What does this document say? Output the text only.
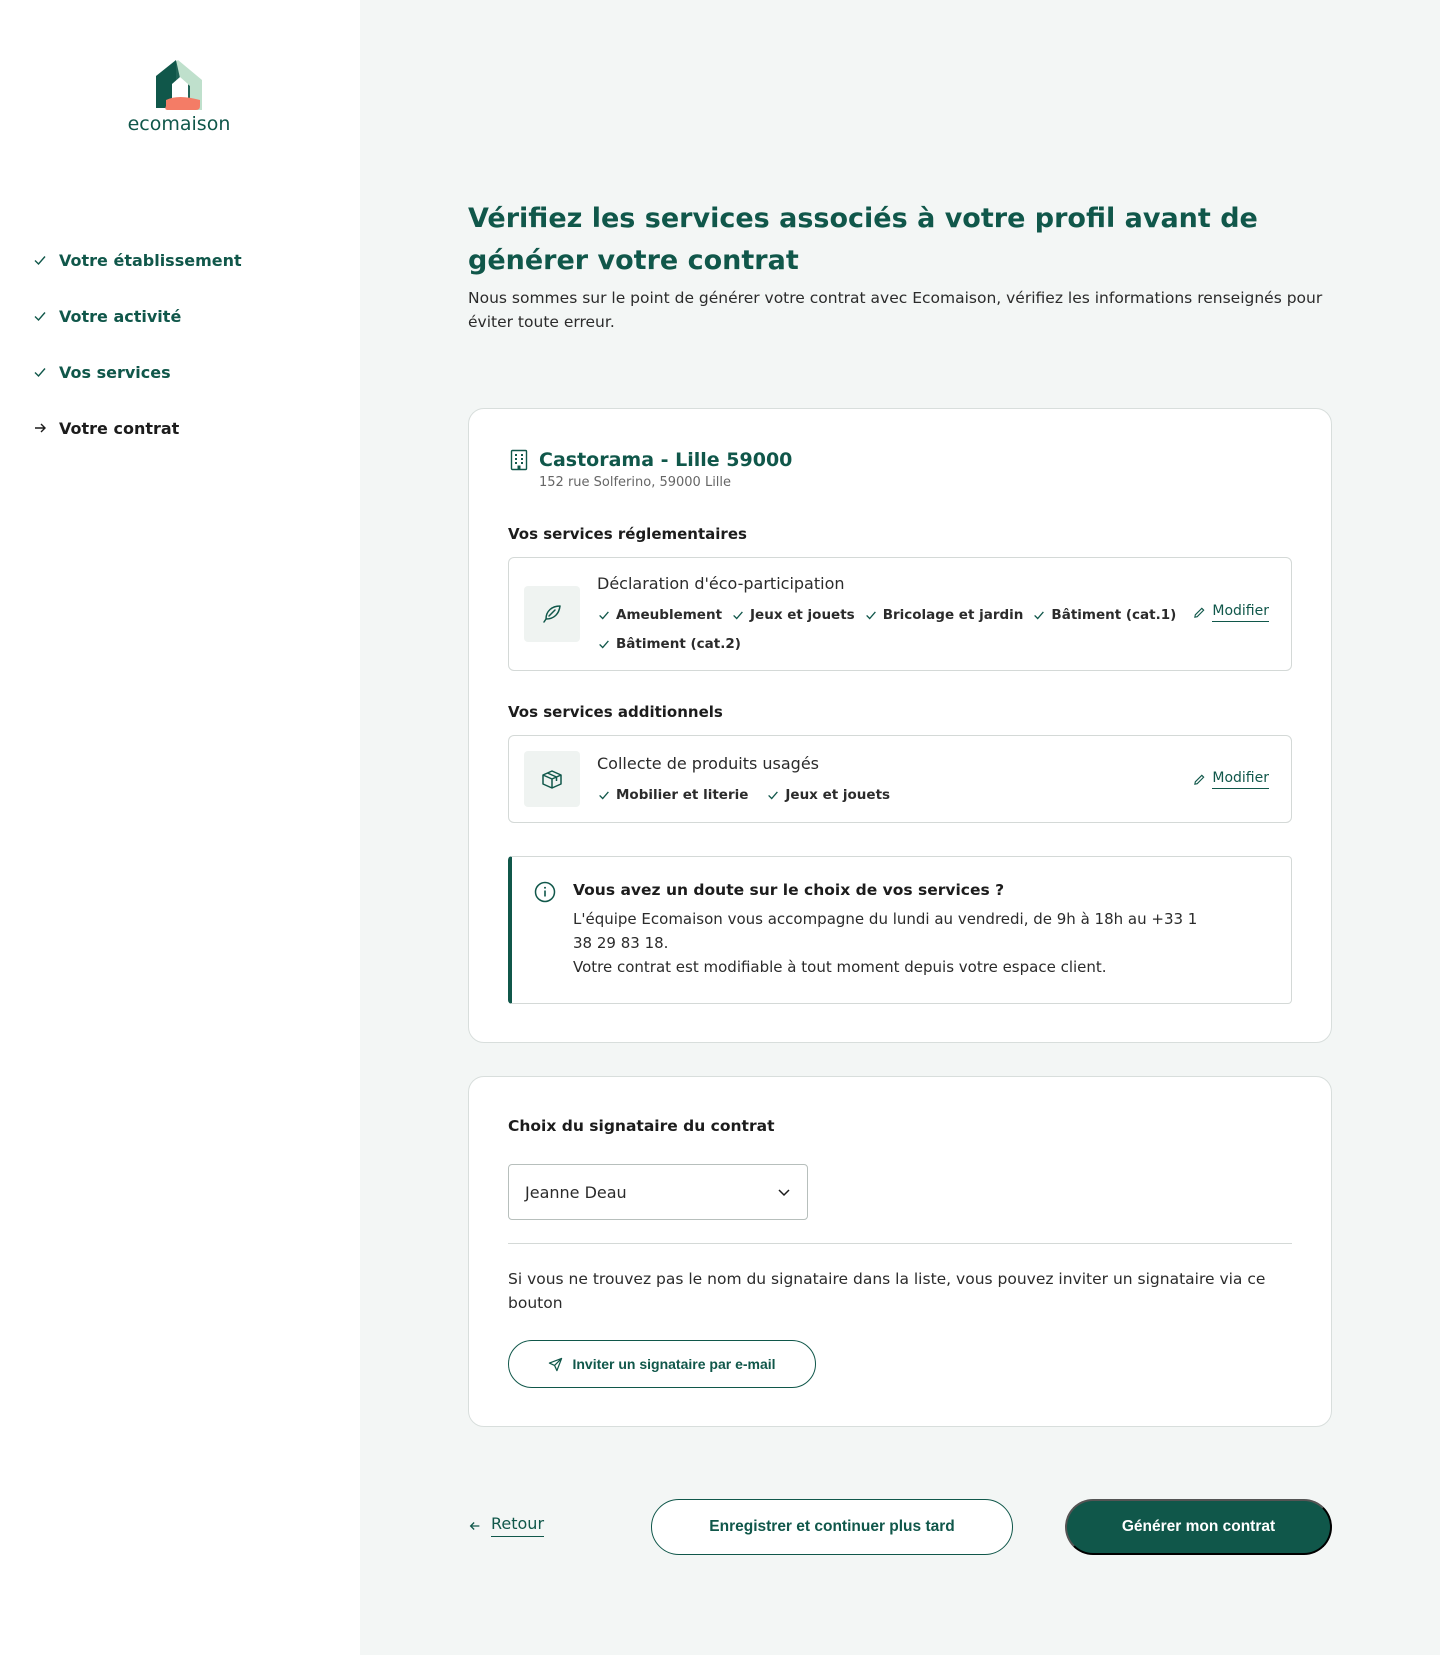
ecomaison
Votre établissement
Votre activité
Vos services
Votre contrat
Vérifiez les services associés à votre profil avant de générer votre contrat

Nous sommes sur le point de générer votre contrat avec Ecomaison, vérifiez les informations renseignés pour éviter toute erreur.

Castorama - Lille 59000
152 rue Solferino, 59000 Lille
Vos services réglementaires
Déclaration d'éco-participation
Ameublement Jeux et jouets Bricolage et jardin Bâtiment (cat.1)
Bâtiment (cat.2)
Modifier
Vos services additionnels
Collecte de produits usagés
Mobilier et literie	Jeux et jouets
Modifier
Vous avez un doute sur le choix de vos services ?
L'équipe Ecomaison vous accompagne du lundi au vendredi, de 9h à 18h au +33 1 38 29 83 18.
Votre contrat est modifiable à tout moment depuis votre espace client.
Choix du signataire du contrat
Jeanne Deau

Si vous ne trouvez pas le nom du signataire dans la liste, vous pouvez inviter un signataire via ce bouton

Inviter un signataire par e-mail
Retour	Enregistrer et continuer plus tard	Générer mon contrat
